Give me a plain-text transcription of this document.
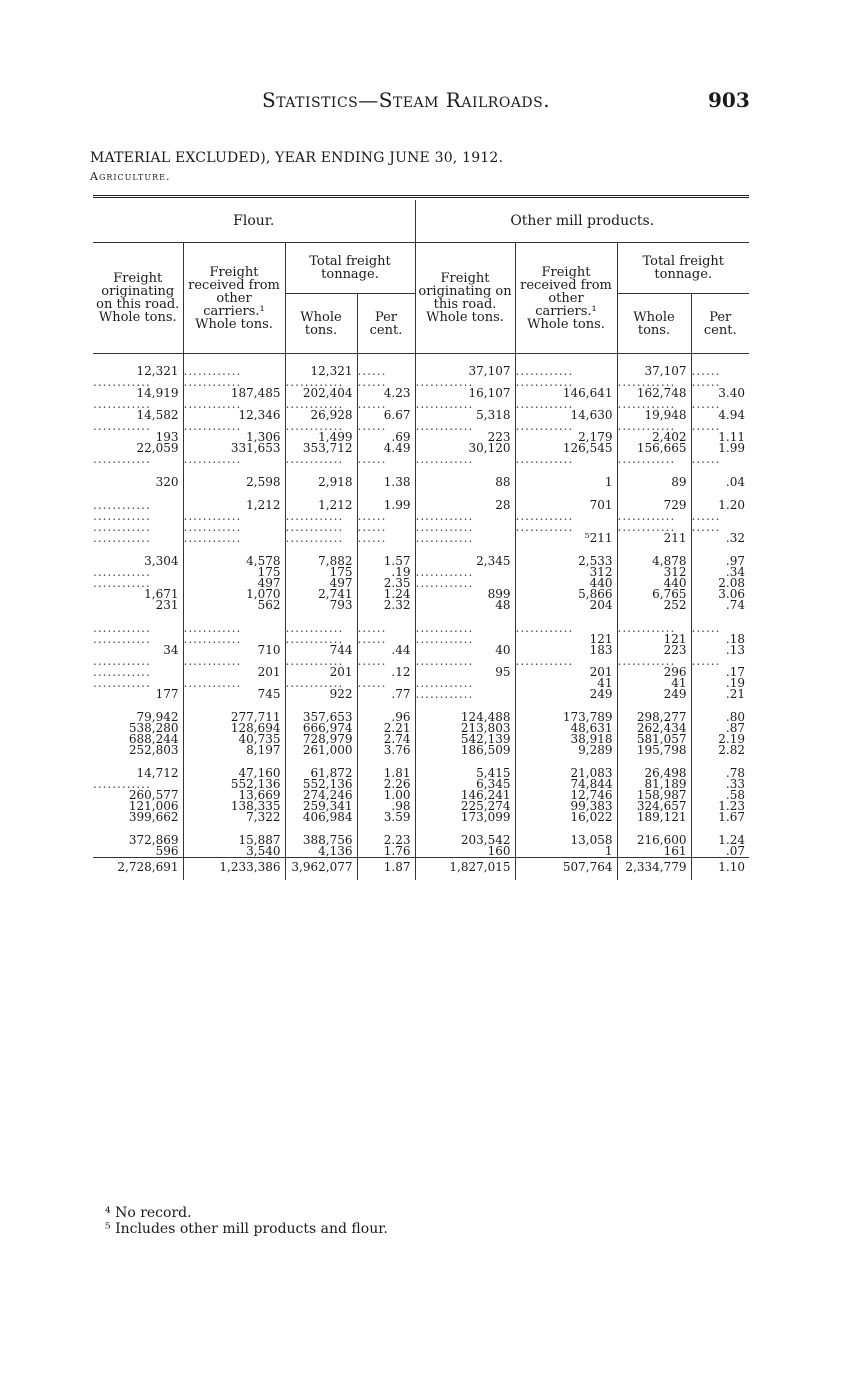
Statistics—Steam Railroads.	903
MATERIAL EXCLUDED), YEAR ENDING JUNE 30, 1912.
Agriculture.
Flour.				Other mill products.			
Freight originating on this road. Whole tons.	Freight received from other carriers.¹ Whole tons.	Total freight tonnage.		Freight originating on this road. Whole tons.	Freight received from other carriers.¹ Whole tons.	Total freight tonnage.	
		Whole tons.	Per cent.			Whole tons.	Per cent.

12,321	............	12,321	......	37,107	............	37,107	......
............	............	............	......	............	............	............	......
14,919	187,485	202,404	4.23	16,107	146,641	162,748	3.40
............	............	............	......	............	............	............	......
14,582	12,346	26,928	6.67	5,318	14,630	19,948	4.94
............	............	............	......	............	............	............	......
193	1,306	1,499	.69	223	2,179	2,402	1.11
22,059	331,653	353,712	4.49	30,120	126,545	156,665	1.99
............	............	............	......	............	............	............	......

320	2,598	2,918	1.38	88	1	89	.04

............	1,212	1,212	1.99	28	701	729	1.20
............	............	............	......	............	............	............	......
............	............	............	......	............	............	............	......
............	............	............	......	............	⁵211	211	.32

3,304	4,578	7,882	1.57	2,345	2,533	4,878	.97
............	175	175	.19	............	312	312	.34
............	497	497	2.35	............	440	440	2.08
1,671	1,070	2,741	1.24	899	5,866	6,765	3.06
231	562	793	2.32	48	204	252	.74

............	............	............	......	............	............	............	......
............	............	............	......	............	121	121	.18
34	710	744	.44	40	183	223	.13
............	............	............	......	............	............	............	......
............	201	201	.12	95	201	296	.17
............	............	............	......	............	41	41	.19
177	745	922	.77	............	249	249	.21

79,942	277,711	357,653	.96	124,488	173,789	298,277	.80
538,280	128,694	666,974	2.21	213,803	48,631	262,434	.87
688,244	40,735	728,979	2.74	542,139	38,918	581,057	2.19
252,803	8,197	261,000	3.76	186,509	9,289	195,798	2.82

14,712	47,160	61,872	1.81	5,415	21,083	26,498	.78
............	552,136	552,136	2.26	6,345	74,844	81,189	.33
260,577	13,669	274,246	1.00	146,241	12,746	158,987	.58
121,006	138,335	259,341	.98	225,274	99,383	324,657	1.23
399,662	7,322	406,984	3.59	173,099	16,022	189,121	1.67

372,869	15,887	388,756	2.23	203,542	13,058	216,600	1.24
596	3,540	4,136	1.76	160	1	161	.07
2,728,691	1,233,386	3,962,077	1.87	1,827,015	507,764	2,334,779	1.10
⁴ No record.
⁵ Includes other mill products and flour.
